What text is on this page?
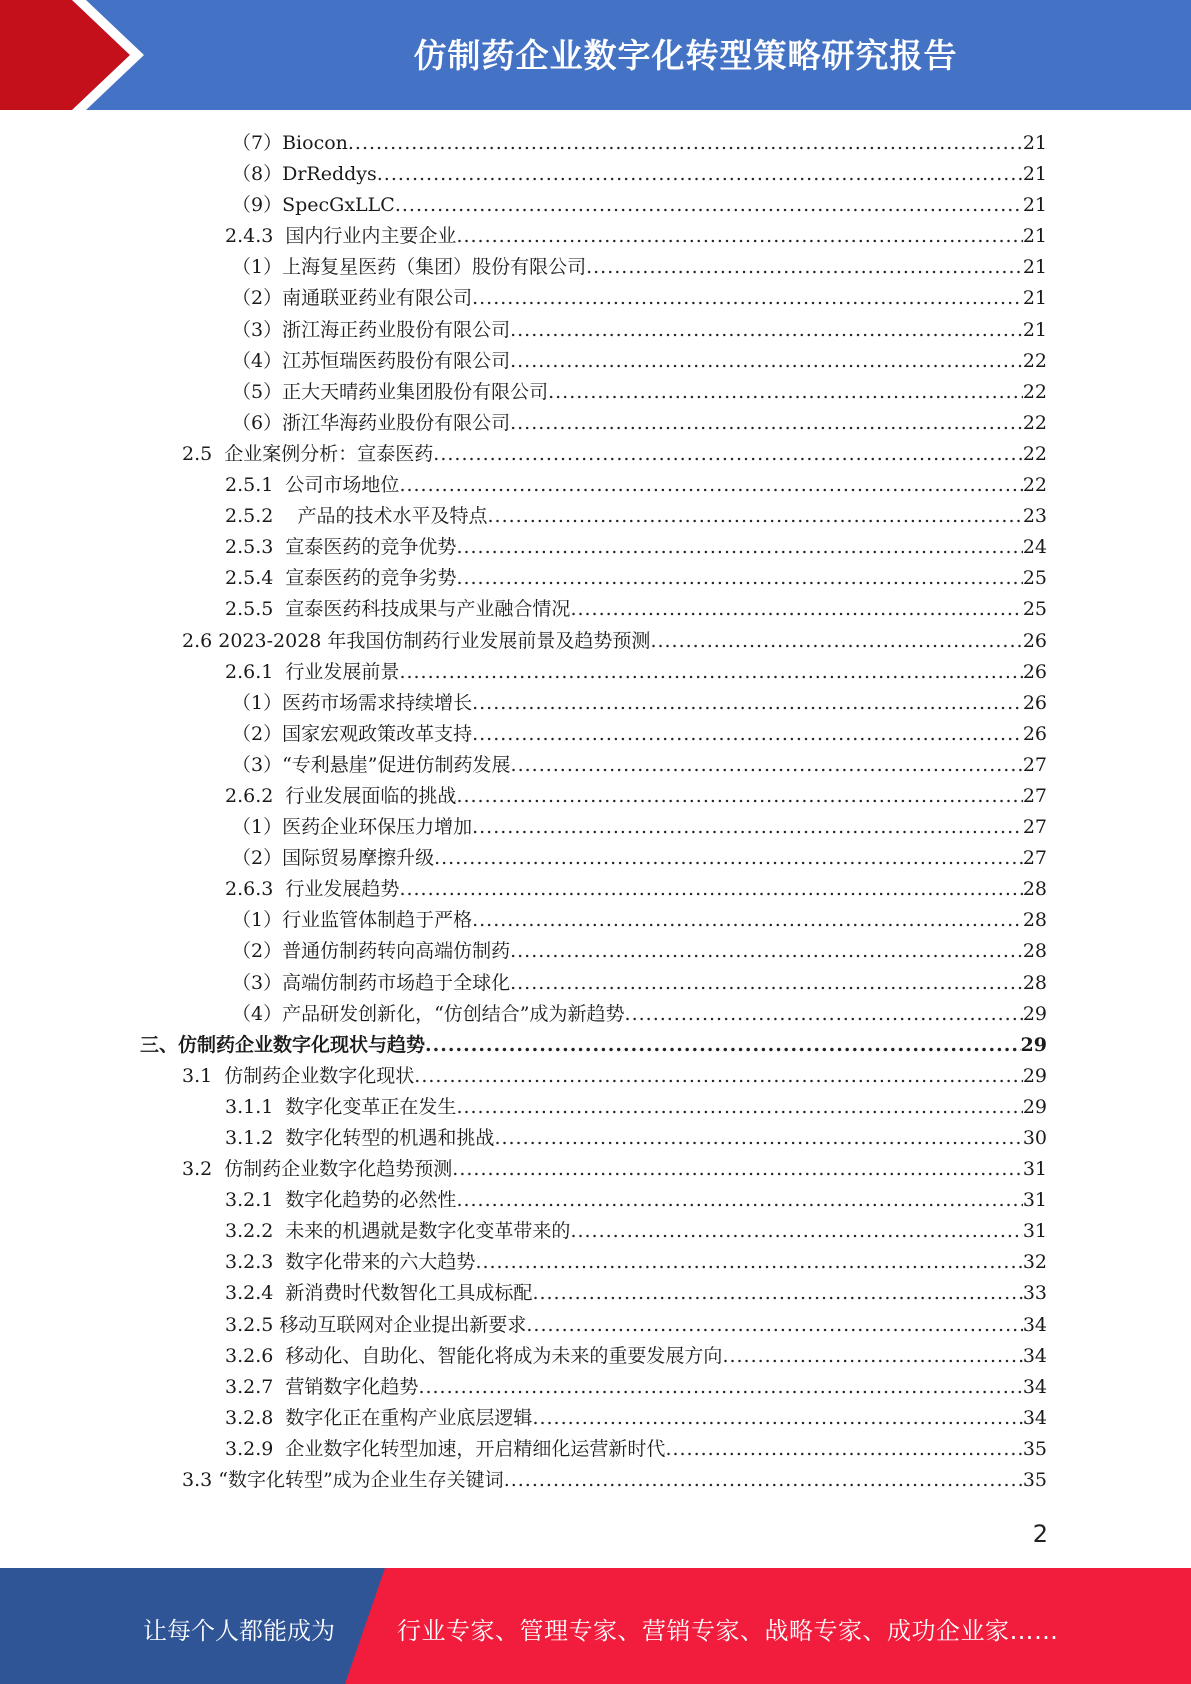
仿制药企业数字化转型策略研究报告
（7）Biocon .....	21
（8）DrReddys .....	21
（9）SpecGxLLC .....	21
2.4.3  国内行业内主要企业 .....	21
（1）上海复星医药（集团）股份有限公司 .....	21
（2）南通联亚药业有限公司 .....	21
（3）浙江海正药业股份有限公司 .....	21
（4）江苏恒瑞医药股份有限公司 .....	22
（5）正大天晴药业集团股份有限公司 .....	22
（6）浙江华海药业股份有限公司 .....	22
2.5  企业案例分析：宣泰医药 .....	22
2.5.1  公司市场地位 .....	22
2.5.2    产品的技术水平及特点 .....	23
2.5.3  宣泰医药的竞争优势 .....	24
2.5.4  宣泰医药的竞争劣势 .....	25
2.5.5  宣泰医药科技成果与产业融合情况 .....	25
2.6 2023-2028 年我国仿制药行业发展前景及趋势预测 .....	26
2.6.1  行业发展前景 .....	26
（1）医药市场需求持续增长 .....	26
（2）国家宏观政策改革支持 .....	26
（3）“专利悬崖”促进仿制药发展 .....	27
2.6.2  行业发展面临的挑战 .....	27
（1）医药企业环保压力增加 .....	27
（2）国际贸易摩擦升级 .....	27
2.6.3  行业发展趋势 .....	28
（1）行业监管体制趋于严格 .....	28
（2）普通仿制药转向高端仿制药 .....	28
（3）高端仿制药市场趋于全球化 .....	28
（4）产品研发创新化，“仿创结合”成为新趋势 .....	29
三、仿制药企业数字化现状与趋势 .....	29
3.1  仿制药企业数字化现状 .....	29
3.1.1  数字化变革正在发生 .....	29
3.1.2  数字化转型的机遇和挑战 .....	30
3.2  仿制药企业数字化趋势预测 .....	31
3.2.1  数字化趋势的必然性 .....	31
3.2.2  未来的机遇就是数字化变革带来的 .....	31
3.2.3  数字化带来的六大趋势 .....	32
3.2.4  新消费时代数智化工具成标配 .....	33
3.2.5 移动互联网对企业提出新要求 .....	34
3.2.6  移动化、自助化、智能化将成为未来的重要发展方向 .....	34
3.2.7  营销数字化趋势 .....	34
3.2.8  数字化正在重构产业底层逻辑 .....	34
3.2.9  企业数字化转型加速，开启精细化运营新时代 .....	35
3.3 “数字化转型”成为企业生存关键词 .....	35
2
让每个人都能成为	行业专家、管理专家、营销专家、战略专家、成功企业家……
